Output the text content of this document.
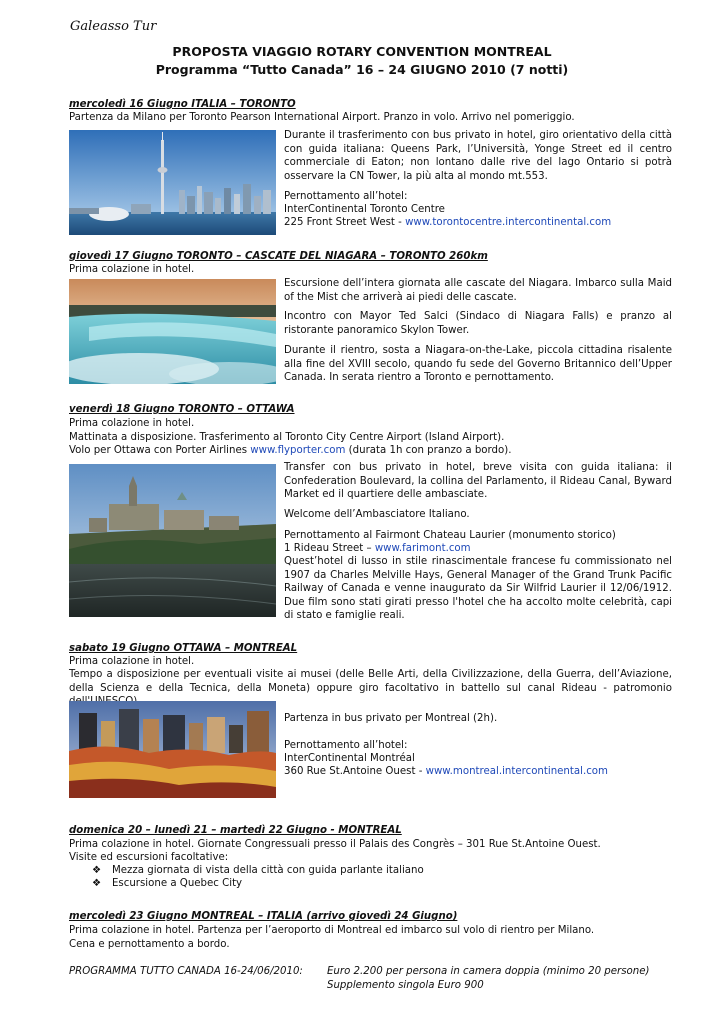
Galeasso Tur
PROPOSTA VIAGGIO ROTARY CONVENTION MONTREAL
Programma “Tutto Canada” 16 – 24 GIUGNO 2010 (7 notti)
mercoledì 16 Giugno ITALIA – TORONTO
Partenza da Milano per Toronto Pearson International Airport. Pranzo in volo. Arrivo nel pomeriggio.
Durante il trasferimento con bus privato in hotel, giro orientativo della città con guida italiana: Queens Park, l’Università, Yonge Street ed il centro commerciale di Eaton; non lontano dalle rive del lago Ontario si potrà osservare la CN Tower, la più alta al mondo mt.553.
Pernottamento all’hotel:
InterContinental Toronto Centre
225 Front Street West - www.torontocentre.intercontinental.com
giovedì 17 Giugno TORONTO – CASCATE DEL NIAGARA – TORONTO 260km
Prima colazione in hotel.
Escursione dell’intera giornata alle cascate del Niagara. Imbarco sulla Maid of the Mist che arriverà ai piedi delle cascate.
Incontro con Mayor Ted Salci (Sindaco di Niagara Falls) e pranzo al ristorante panoramico Skylon Tower.
Durante il rientro, sosta a Niagara-on-the-Lake, piccola cittadina risalente alla fine del XVIII secolo, quando fu sede del Governo Britannico dell’Upper Canada. In serata rientro a Toronto e pernottamento.
venerdì 18 Giugno TORONTO – OTTAWA
Prima colazione in hotel.
Mattinata a disposizione. Trasferimento al Toronto City Centre Airport (Island Airport).
Volo per Ottawa con Porter Airlines www.flyporter.com (durata 1h con pranzo a bordo).
Transfer con bus privato in hotel, breve visita con guida italiana: il Confederation Boulevard, la collina del Parlamento, il Rideau Canal, Byward Market ed il quartiere delle ambasciate.
Welcome dell’Ambasciatore Italiano.
Pernottamento al Fairmont Chateau Laurier (monumento storico)
1 Rideau Street – www.farimont.com
Quest’hotel di lusso in stile rinascimentale francese fu commissionato nel 1907 da Charles Melville Hays, General Manager of the Grand Trunk Pacific Railway of Canada e venne inaugurato da Sir Wilfrid Laurier il 12/06/1912. Due film sono stati girati presso l'hotel che ha accolto molte celebrità, capi di stato e famiglie reali.
sabato 19 Giugno OTTAWA – MONTREAL
Prima colazione in hotel.
Tempo a disposizione per eventuali visite ai musei (delle Belle Arti, della Civilizzazione, della Guerra, dell’Aviazione, della Scienza e della Tecnica, della Moneta) oppure giro facoltativo in battello sul canal Rideau - patromonio
Partenza in bus privato per Montreal (2h).
Pernottamento all’hotel:
InterContinental Montréal
360 Rue St.Antoine Ouest - www.montreal.intercontinental.com
domenica 20 – lunedì 21 – martedì 22 Giugno - MONTREAL
Prima colazione in hotel. Giornate Congressuali presso il Palais des Congrès – 301 Rue St.Antoine Ouest.
Visite ed escursioni facoltative:
❖ Mezza giornata di vista della città con guida parlante italiano
❖ Escursione a Quebec City
mercoledì 23 Giugno MONTREAL – ITALIA (arrivo giovedì 24 Giugno)
Prima colazione in hotel. Partenza per l’aeroporto di Montreal ed imbarco sul volo di rientro per Milano.
Cena e pernottamento a bordo.
PROGRAMMA TUTTO CANADA 16-24/06/2010: Euro 2.200 per persona in camera doppia (minimo 20 persone)
Supplemento singola Euro 900
